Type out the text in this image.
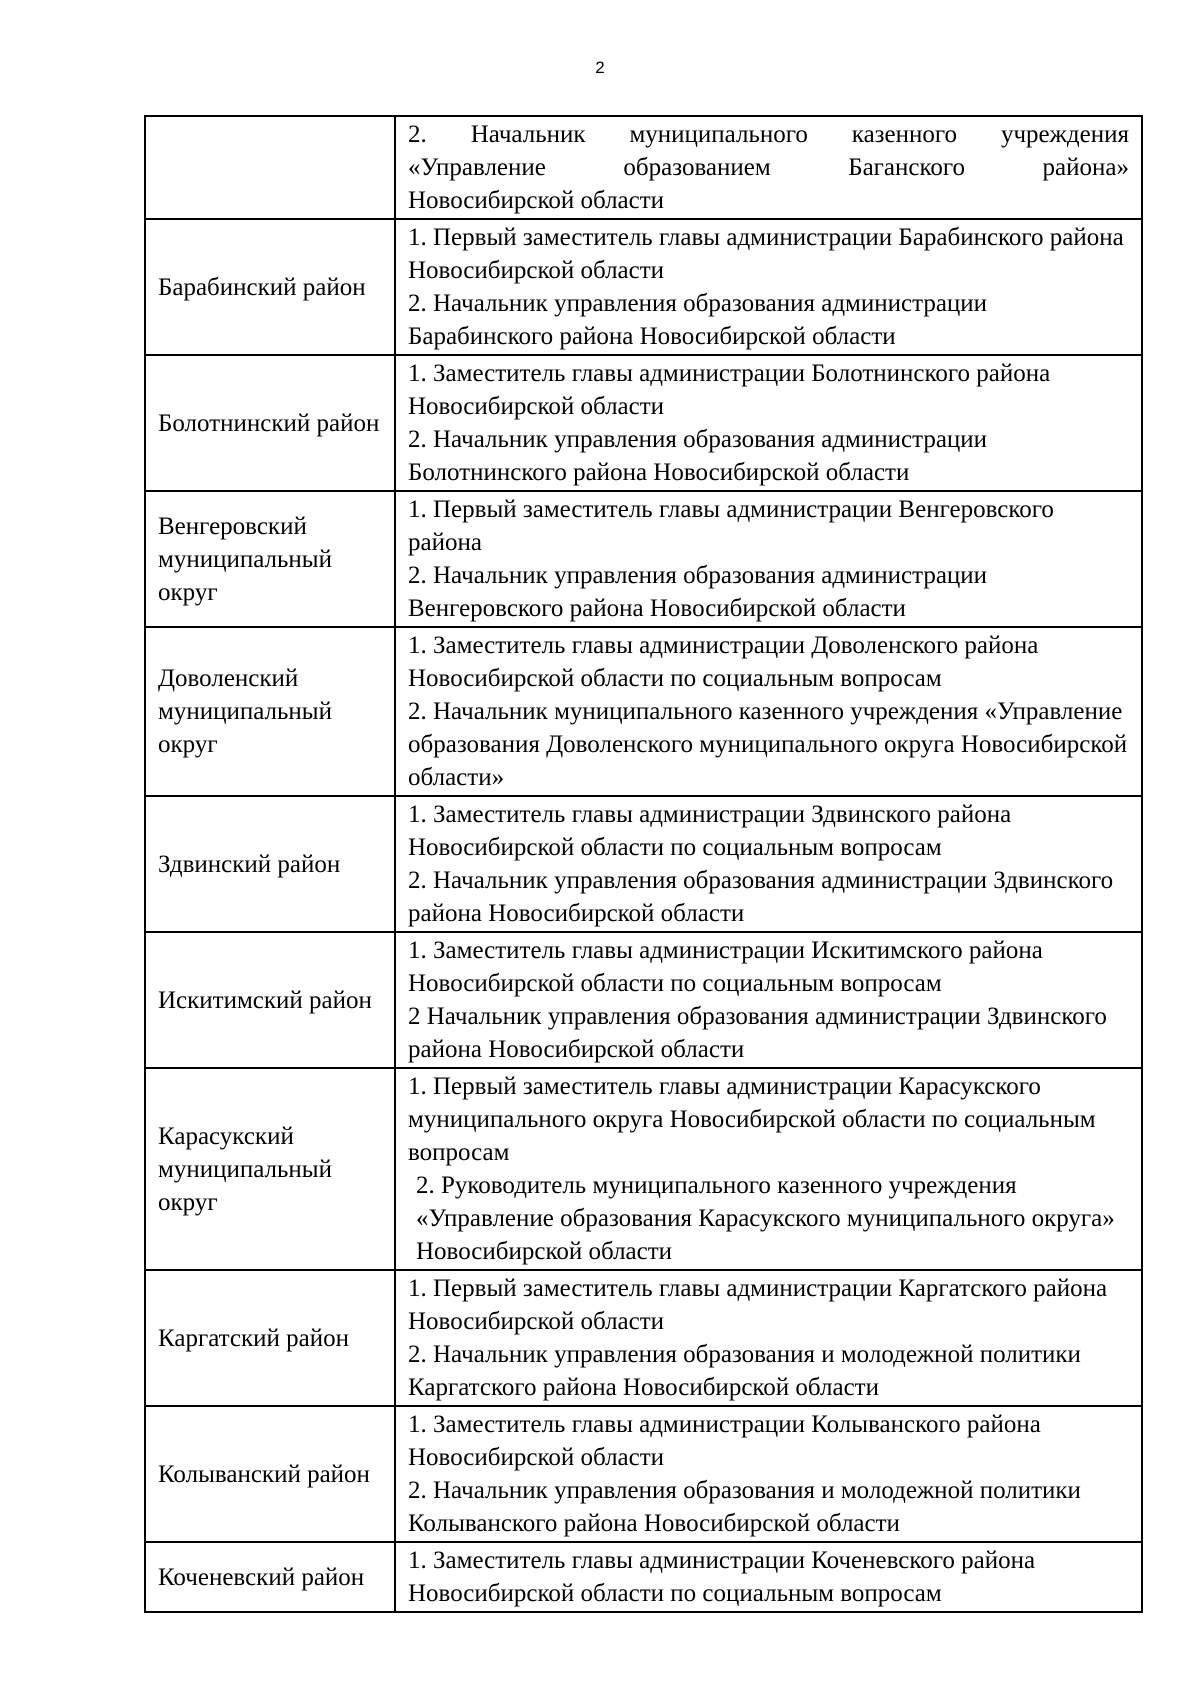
2

	2. Начальник муниципального казенного учреждения
«Управление образованием Баганского района»
Новосибирской области

Барабинский район	1. Первый заместитель главы администрации Барабинского района Новосибирской области
2. Начальник управления образования администрации Барабинского района Новосибирской области

Болотнинский район	1. Заместитель главы администрации Болотнинского района Новосибирской области
2. Начальник управления образования администрации Болотнинского района Новосибирской области

Венгеровский муниципальный округ	1. Первый заместитель главы администрации Венгеровского района
2. Начальник управления образования администрации Венгеровского района Новосибирской области

Доволенский муниципальный округ	1. Заместитель главы администрации Доволенского района Новосибирской области по социальным вопросам
2. Начальник муниципального казенного учреждения «Управление образования Доволенского муниципального округа Новосибирской области»

Здвинский район	1. Заместитель главы администрации Здвинского района Новосибирской области по социальным вопросам
2. Начальник управления образования администрации Здвинского района Новосибирской области

Искитимский район	1. Заместитель главы администрации Искитимского района Новосибирской области по социальным вопросам
2 Начальник управления образования администрации Здвинского района Новосибирской области

Карасукский муниципальный округ	1. Первый заместитель главы администрации Карасукского муниципального округа Новосибирской области по социальным вопросам
2. Руководитель муниципального казенного учреждения «Управление образования Карасукского муниципального округа» Новосибирской области

Каргатский район	1. Первый заместитель главы администрации Каргатского района Новосибирской области
2. Начальник управления образования и молодежной политики Каргатского района Новосибирской области

Колыванский район	1. Заместитель главы администрации Колыванского района Новосибирской области
2. Начальник управления образования и молодежной политики Колыванского района Новосибирской области

Коченевский район	1. Заместитель главы администрации Коченевского района Новосибирской области по социальным вопросам
